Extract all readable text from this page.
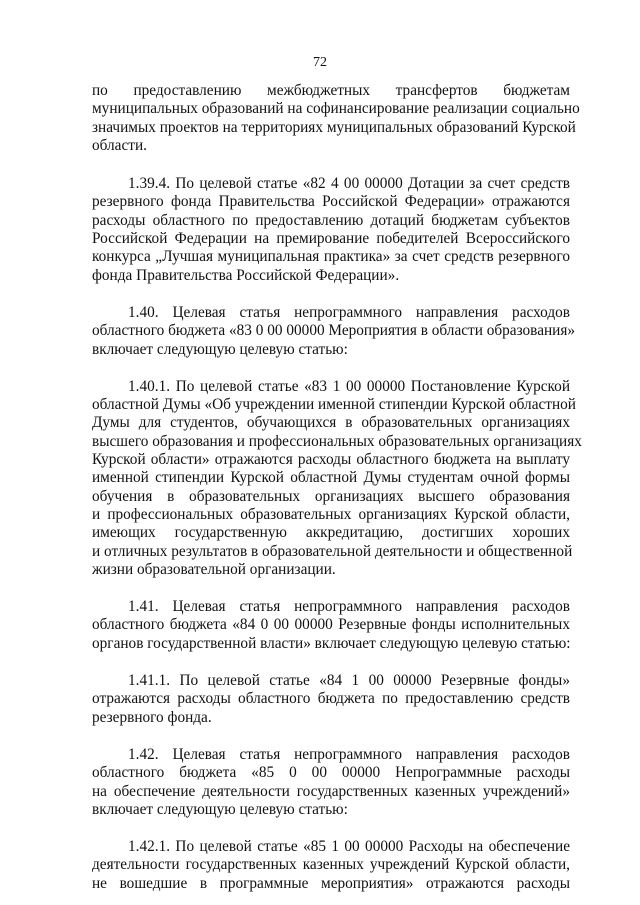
72

по предоставлению межбюджетных трансфертов бюджетам
муниципальных образований на софинансирование реализации социально
значимых проектов на территориях муниципальных образований Курской
области.

1.39.4. По целевой статье «82 4 00 00000 Дотации за счет средств
резервного фонда Правительства Российской Федерации» отражаются
расходы областного по предоставлению дотаций бюджетам субъектов
Российской Федерации на премирование победителей Всероссийского
конкурса „Лучшая муниципальная практика» за счет средств резервного
фонда Правительства Российской Федерации».

1.40. Целевая статья непрограммного направления расходов
областного бюджета «83 0 00 00000 Мероприятия в области образования»
включает следующую целевую статью:

1.40.1. По целевой статье «83 1 00 00000 Постановление Курской
областной Думы «Об учреждении именной стипендии Курской областной
Думы для студентов, обучающихся в образовательных организациях
высшего образования и профессиональных образовательных организациях
Курской области» отражаются расходы областного бюджета на выплату
именной стипендии Курской областной Думы студентам очной формы
обучения в образовательных организациях высшего образования
и профессиональных образовательных организациях Курской области,
имеющих государственную аккредитацию, достигших хороших
и отличных результатов в образовательной деятельности и общественной
жизни образовательной организации.

1.41. Целевая статья непрограммного направления расходов
областного бюджета «84 0 00 00000 Резервные фонды исполнительных
органов государственной власти» включает следующую целевую статью:

1.41.1. По целевой статье «84 1 00 00000 Резервные фонды»
отражаются расходы областного бюджета по предоставлению средств
резервного фонда.

1.42. Целевая статья непрограммного направления расходов
областного бюджета «85 0 00 00000 Непрограммные расходы
на обеспечение деятельности государственных казенных учреждений»
включает следующую целевую статью:

1.42.1. По целевой статье «85 1 00 00000 Расходы на обеспечение
деятельности государственных казенных учреждений Курской области,
не вошедшие в программные мероприятия» отражаются расходы
